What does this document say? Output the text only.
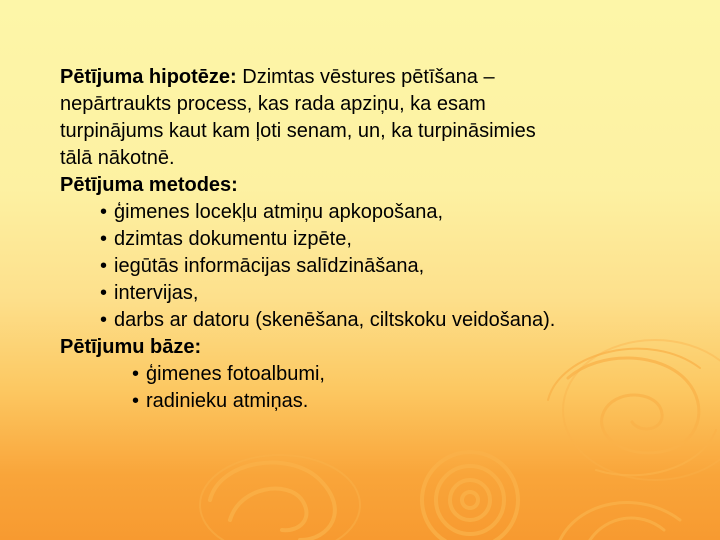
Pētījuma hipotēze: Dzimtas vēstures pētīšana –
nepārtraukts process, kas rada apziņu, ka esam
turpinājums kaut kam ļoti senam, un, ka turpināsimies
tālā nākotnē.
Pētījuma metodes:
• ģimenes locekļu atmiņu apkopošana,
• dzimtas dokumentu izpēte,
• iegūtās informācijas salīdzināšana,
• intervijas,
• darbs ar datoru (skenēšana, ciltskoku veidošana).
Pētījumu bāze:
• ģimenes fotoalbumi,
• radinieku atmiņas.
